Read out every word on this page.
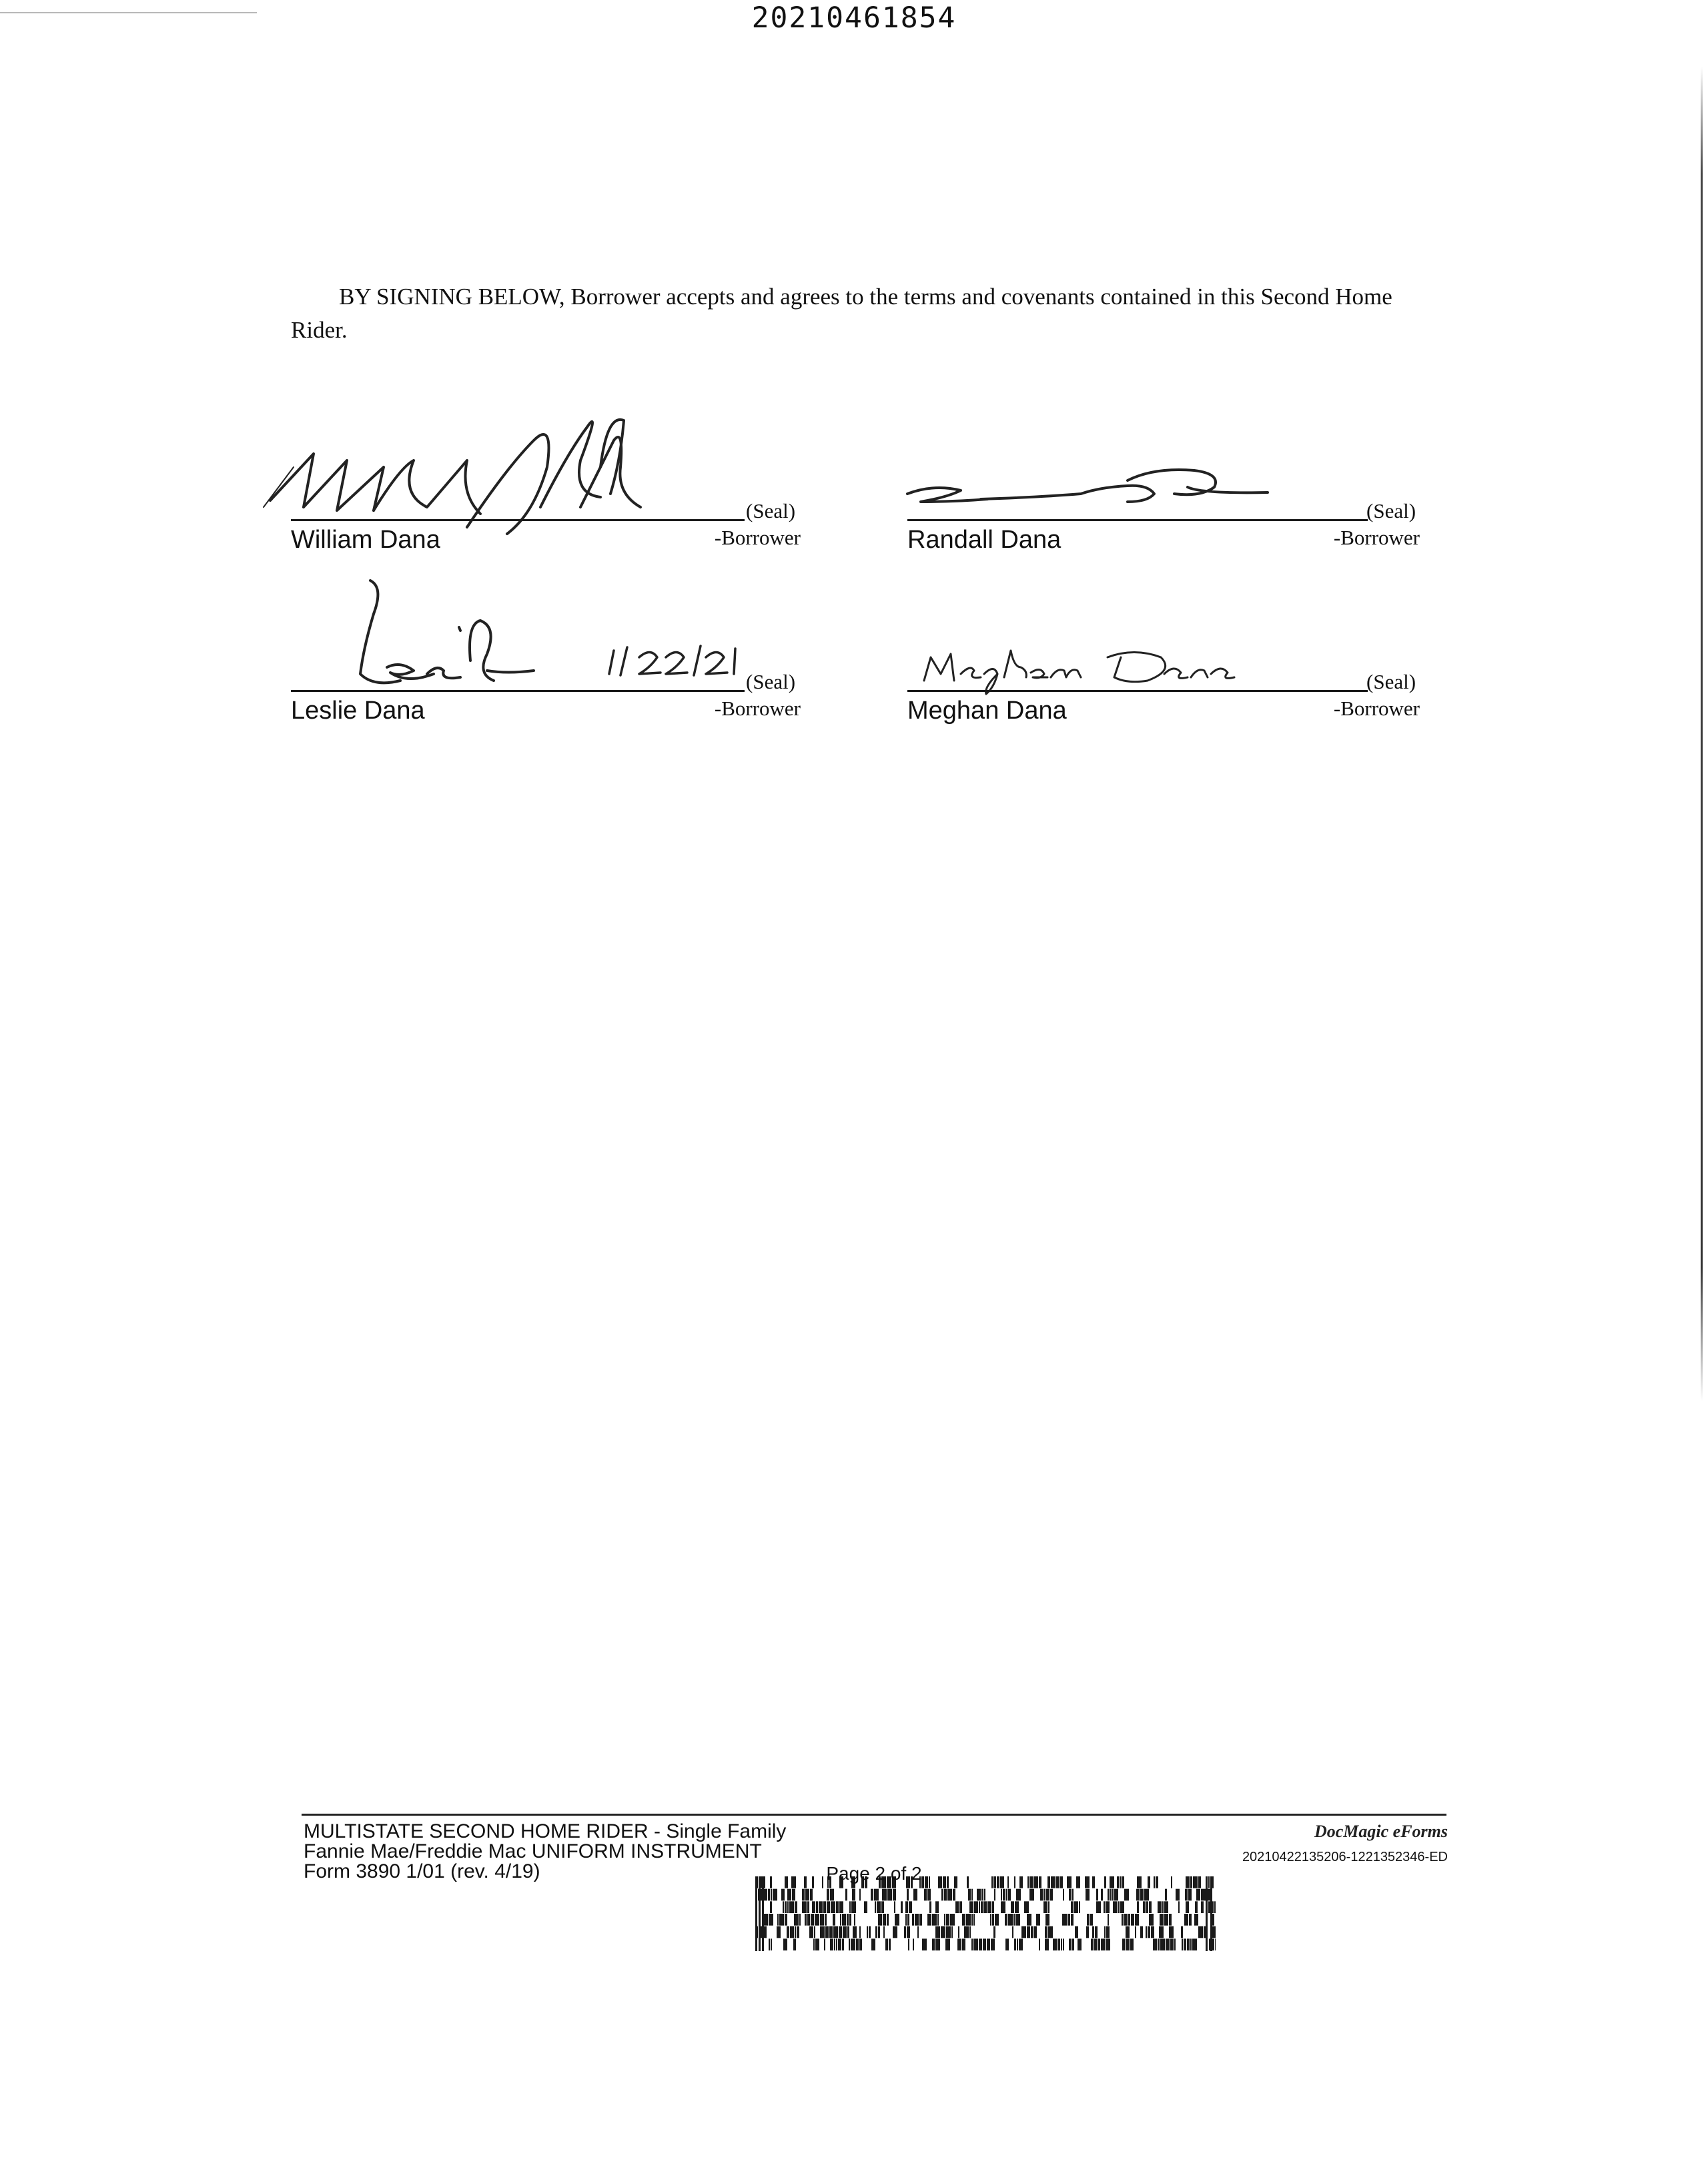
20210461854
BY SIGNING BELOW, Borrower accepts and agrees to the terms and covenants contained in this Second Home Rider.
(Seal)
-Borrower
William Dana
(Seal)
-Borrower
Randall Dana
(Seal)
-Borrower
Leslie Dana
(Seal)
-Borrower
Meghan Dana
MULTISTATE SECOND HOME RIDER - Single Family
Fannie Mae/Freddie Mac UNIFORM INSTRUMENT
Form 3890 1/01 (rev. 4/19)
DocMagic eForms
20210422135206-1221352346-ED
Page 2 of 2
